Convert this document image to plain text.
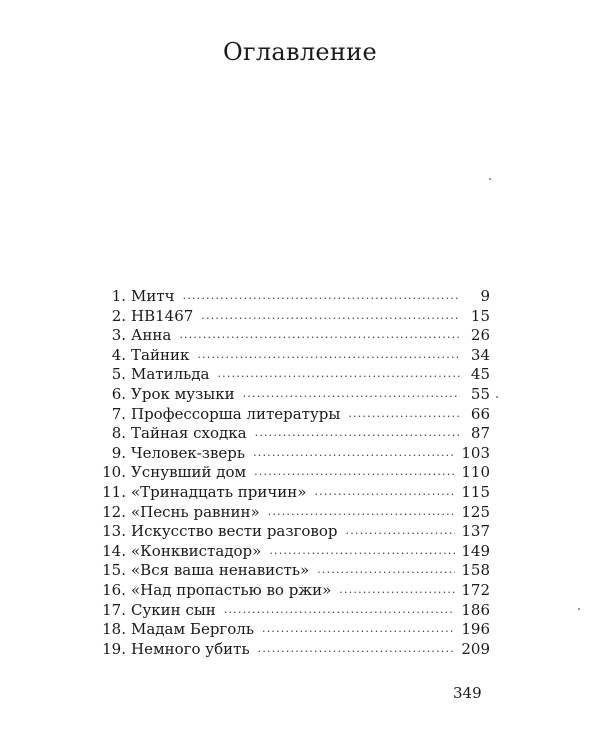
Оглавление
1. Митч .....	9
2. HB1467 .....	15
3. Анна .....	26
4. Тайник .....	34
5. Матильда .....	45
6. Урок музыки .....	55
7. Профессорша литературы .....	66
8. Тайная сходка .....	87
9. Человек-зверь .....	103
10. Уснувший дом .....	110
11. «Тринадцать причин» .....	115
12. «Песнь равнин» .....	125
13. Искусство вести разговор .....	137
14. «Конквистадор» .....	149
15. «Вся ваша ненависть» .....	158
16. «Над пропастью во ржи» .....	172
17. Сукин сын .....	186
18. Мадам Берголь .....	196
19. Немного убить .....	209
349
